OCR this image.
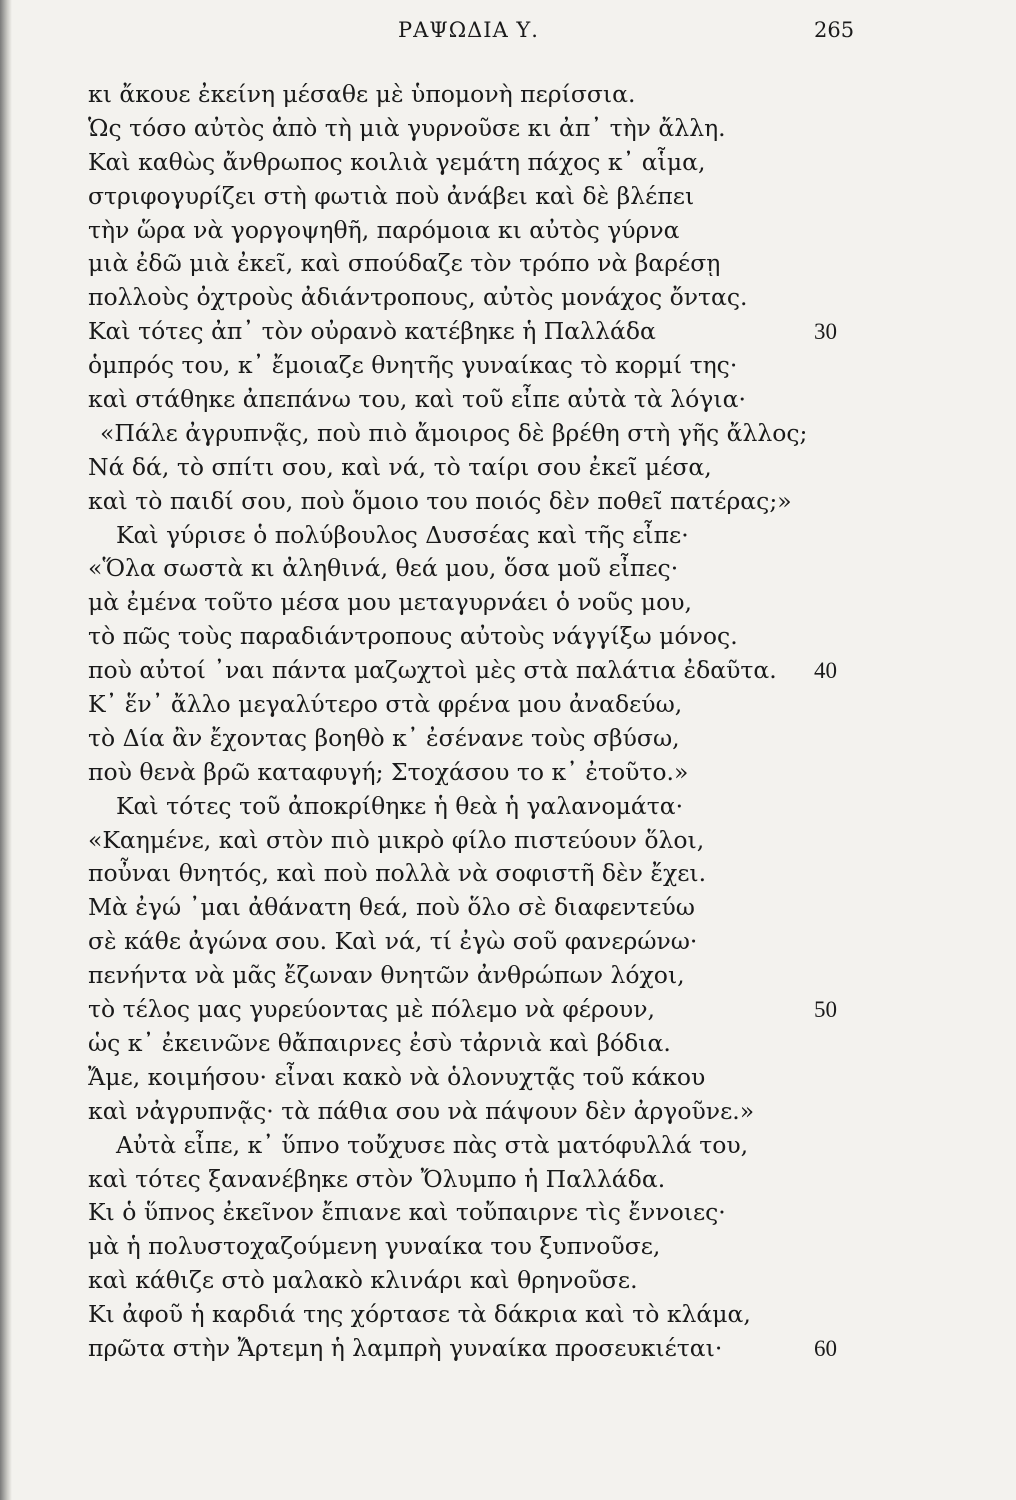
ΡΑΨΩΔΙΑ Υ.	265
κι ἄκουε ἐκείνη μέσαθε μὲ ὑπομονὴ περίσσια.
Ὡς τόσο αὐτὸς ἀπὸ τὴ μιὰ γυρνοῦσε κι ἀπ᾿ τὴν ἄλλη.
Καὶ καθὼς ἄνθρωπος κοιλιὰ γεμάτη πάχος κ᾿ αἷμα,
στριφογυρίζει στὴ φωτιὰ ποὺ ἀνάβει καὶ δὲ βλέπει
τὴν ὥρα νὰ γοργοψηθῆ, παρόμοια κι αὐτὸς γύρνα
μιὰ ἐδῶ μιὰ ἐκεῖ, καὶ σπούδαζε τὸν τρόπο νὰ βαρέσῃ
πολλοὺς ὀχτροὺς ἀδιάντροπους, αὐτὸς μονάχος ὄντας.
Καὶ τότες ἀπ᾿ τὸν οὐρανὸ κατέβηκε ἡ Παλλάδα	30
ὁμπρός του, κ᾿ ἔμοιαζε θνητῆς γυναίκας τὸ κορμί της·
καὶ στάθηκε ἀπεπάνω του, καὶ τοῦ εἶπε αὐτὰ τὰ λόγια·
«Πάλε ἀγρυπνᾷς, ποὺ πιὸ ἄμοιρος δὲ βρέθη στὴ γῆς ἄλλος;
Νά δά, τὸ σπίτι σου, καὶ νά, τὸ ταίρι σου ἐκεῖ μέσα,
καὶ τὸ παιδί σου, ποὺ ὅμοιο του ποιός δὲν ποθεῖ πατέρας;»
Καὶ γύρισε ὁ πολύβουλος Δυσσέας καὶ τῆς εἶπε·
«Ὅλα σωστὰ κι ἀληθινά, θεά μου, ὅσα μοῦ εἶπες·
μὰ ἐμένα τοῦτο μέσα μου μεταγυρνάει ὁ νοῦς μου,
τὸ πῶς τοὺς παραδιάντροπους αὐτοὺς νάγγίξω μόνος.
ποὺ αὐτοί ᾿ναι πάντα μαζωχτοὶ μὲς στὰ παλάτια ἐδαῦτα. 40
Κ᾿ ἕν᾿ ἄλλο μεγαλύτερο στὰ φρένα μου ἀναδεύω,
τὸ Δία ἂν ἔχοντας βοηθὸ κ᾿ ἐσένανε τοὺς σβύσω,
ποὺ θενὰ βρῶ καταφυγή; Στοχάσου το κ᾿ ἐτοῦτο.»
Καὶ τότες τοῦ ἀποκρίθηκε ἡ θεὰ ἡ γαλανομάτα·
«Καημένε, καὶ στὸν πιὸ μικρὸ φίλο πιστεύουν ὅλοι,
ποὖναι θνητός, καὶ ποὺ πολλὰ νὰ σοφιστῆ δὲν ἔχει.
Μὰ ἐγώ ᾿μαι ἀθάνατη θεά, ποὺ ὅλο σὲ διαφεντεύω
σὲ κάθε ἀγώνα σου. Καὶ νά, τί ἐγὼ σοῦ φανερώνω·
πενήντα νὰ μᾶς ἔζωναν θνητῶν ἀνθρώπων λόχοι,
τὸ τέλος μας γυρεύοντας μὲ πόλεμο νὰ φέρουν,	50
ὡς κ᾿ ἐκεινῶνε θἄπαιρνες ἐσὺ τἀρνιὰ καὶ βόδια.
Ἄμε, κοιμήσου· εἶναι κακὸ νὰ ὁλονυχτᾷς τοῦ κάκου
καὶ νἀγρυπνᾷς· τὰ πάθια σου νὰ πάψουν δὲν ἀργοῦνε.»
Αὐτὰ εἶπε, κ᾿ ὕπνο τοὔχυσε πὰς στὰ ματόφυλλά του,
καὶ τότες ξανανέβηκε στὸν Ὄλυμπο ἡ Παλλάδα.
Κι ὁ ὕπνος ἐκεῖνον ἔπιανε καὶ τοὔπαιρνε τὶς ἔννοιες·
μὰ ἡ πολυστοχαζούμενη γυναίκα του ξυπνοῦσε,
καὶ κάθιζε στὸ μαλακὸ κλινάρι καὶ θρηνοῦσε.
Κι ἀφοῦ ἡ καρδιά της χόρτασε τὰ δάκρια καὶ τὸ κλάμα,
πρῶτα στὴν Ἄρτεμη ἡ λαμπρὴ γυναίκα προσευκιέται·	60
